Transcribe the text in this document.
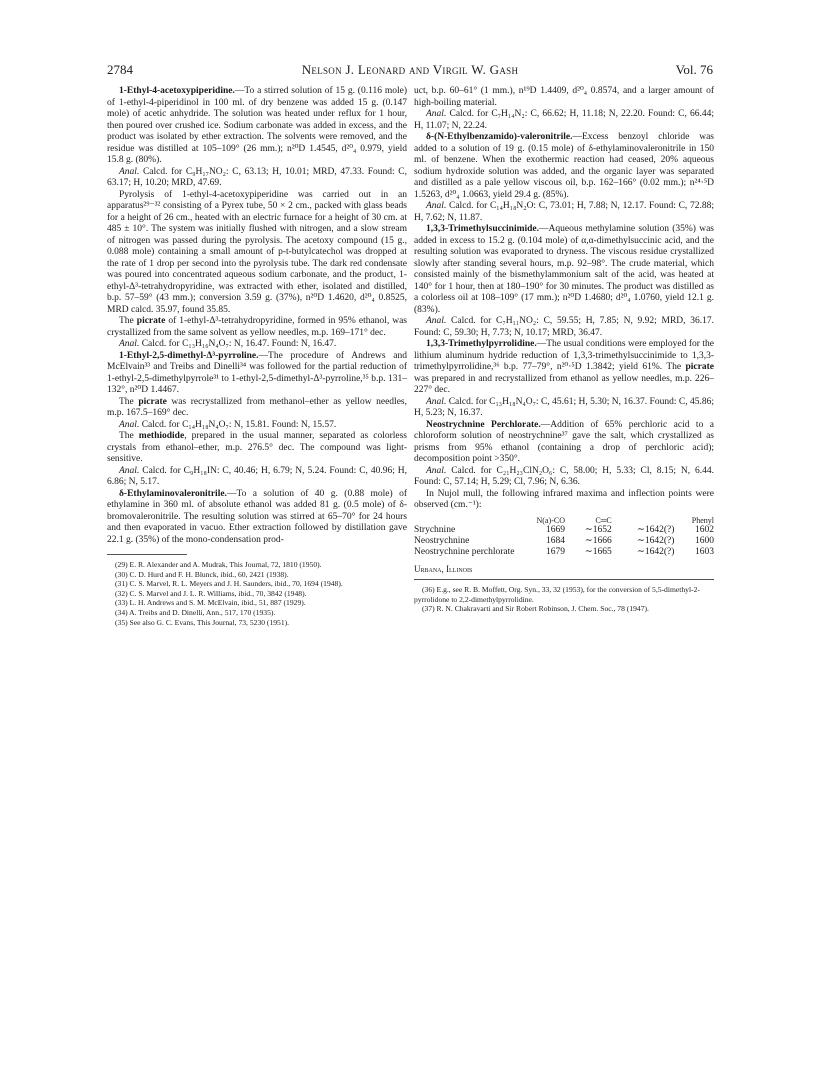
2784	Nelson J. Leonard and Virgil W. Gash	Vol. 76

1-Ethyl-4-acetoxypiperidine.—To a stirred solution of 15 g. (0.116 mole) of 1-ethyl-4-piperidinol in 100 ml. of dry benzene was added 15 g. (0.147 mole) of acetic anhydride. The solution was heated under reflux for 1 hour, then poured over crushed ice. Sodium carbonate was added in excess, and the product was isolated by ether extraction. The solvents were removed, and the residue was distilled at 105–109° (26 mm.); n²⁰D 1.4545, d²⁰₄ 0.979, yield 15.8 g. (80%).

Anal. Calcd. for C₉H₁₇NO₂: C, 63.13; H, 10.01; MRD, 47.33. Found: C, 63.17; H, 10.20; MRD, 47.69.

Pyrolysis of 1-ethyl-4-acetoxypiperidine was carried out in an apparatus²⁹⁻³² consisting of a Pyrex tube, 50 × 2 cm., packed with glass beads for a height of 26 cm., heated with an electric furnace for a height of 30 cm. at 485 ± 10°. The system was initially flushed with nitrogen, and a slow stream of nitrogen was passed during the pyrolysis. The acetoxy compound (15 g., 0.088 mole) containing a small amount of p-t-butylcatechol was dropped at the rate of 1 drop per second into the pyrolysis tube. The dark red condensate was poured into concentrated aqueous sodium carbonate, and the product, 1-ethyl-Δ³-tetrahydropyridine, was extracted with ether, isolated and distilled, b.p. 57–59° (43 mm.); conversion 3.59 g. (37%), n²⁰D 1.4620, d²⁰₄ 0.8525, MRD calcd. 35.97, found 35.85.

The picrate of 1-ethyl-Δ³-tetrahydropyridine, formed in 95% ethanol, was crystallized from the same solvent as yellow needles, m.p. 169–171° dec.

Anal. Calcd. for C₁₃H₁₆N₄O₇: N, 16.47. Found: N, 16.47.

1-Ethyl-2,5-dimethyl-Δ³-pyrroline.—The procedure of Andrews and McElvain³³ and Treibs and Dinelli³⁴ was followed for the partial reduction of 1-ethyl-2,5-dimethylpyrrole³¹ to 1-ethyl-2,5-dimethyl-Δ³-pyrroline,³⁵ b.p. 131–132°, n²⁰D 1.4467.

The picrate was recrystallized from methanol–ether as yellow needles, m.p. 167.5–169° dec.

Anal. Calcd. for C₁₄H₁₈N₄O₇: N, 15.81. Found: N, 15.57.

The methiodide, prepared in the usual manner, separated as colorless crystals from ethanol–ether, m.p. 276.5° dec. The compound was light-sensitive.

Anal. Calcd. for C₉H₁₈IN: C, 40.46; H, 6.79; N, 5.24. Found: C, 40.96; H, 6.86; N, 5.17.

δ-Ethylaminovaleronitrile.—To a solution of 40 g. (0.88 mole) of ethylamine in 360 ml. of absolute ethanol was added 81 g. (0.5 mole) of δ-bromovaleronitrile. The resulting solution was stirred at 65–70° for 24 hours and then evaporated in vacuo. Ether extraction followed by distillation gave 22.1 g. (35%) of the mono-condensation prod-

(29) E. R. Alexander and A. Mudrak, This Journal, 72, 1810 (1950).

(30) C. D. Hurd and F. H. Blunck, ibid., 60, 2421 (1938).

(31) C. S. Marvel, R. L. Meyers and J. H. Saunders, ibid., 70, 1694 (1948).

(32) C. S. Marvel and J. L. R. Williams, ibid., 70, 3842 (1948).

(33) L. H. Andrews and S. M. McElvain, ibid., 51, 887 (1929).

(34) A. Treibs and D. Dinelli, Ann., 517, 170 (1935).

(35) See also G. C. Evans, This Journal, 73, 5230 (1951).

uct, b.p. 60–61° (1 mm.), n¹⁹D 1.4409, d²⁰₄ 0.8574, and a larger amount of high-boiling material.

Anal. Calcd. for C₇H₁₄N₂: C, 66.62; H, 11.18; N, 22.20. Found: C, 66.44; H, 11.07; N, 22.24.

δ-(N-Ethylbenzamido)-valeronitrile.—Excess benzoyl chloride was added to a solution of 19 g. (0.15 mole) of δ-ethylaminovaleronitrile in 150 ml. of benzene. When the exothermic reaction had ceased, 20% aqueous sodium hydroxide solution was added, and the organic layer was separated and distilled as a pale yellow viscous oil, b.p. 162–166° (0.02 mm.); n²⁴·⁵D 1.5263, d²⁰₄ 1.0663, yield 29.4 g. (85%).

Anal. Calcd. for C₁₄H₁₈N₂O: C, 73.01; H, 7.88; N, 12.17. Found: C, 72.88; H, 7.62; N, 11.87.

1,3,3-Trimethylsuccinimide.—Aqueous methylamine solution (35%) was added in excess to 15.2 g. (0.104 mole) of α,α-dimethylsuccinic acid, and the resulting solution was evaporated to dryness. The viscous residue crystallized slowly after standing several hours, m.p. 92–98°. The crude material, which consisted mainly of the bismethylammonium salt of the acid, was heated at 140° for 1 hour, then at 180–190° for 30 minutes. The product was distilled as a colorless oil at 108–109° (17 mm.); n²⁰D 1.4680; d²⁰₄ 1.0760, yield 12.1 g. (83%).

Anal. Calcd. for C₇H₁₁NO₂: C, 59.55; H, 7.85; N, 9.92; MRD, 36.17. Found: C, 59.30; H, 7.73; N, 10.17; MRD, 36.47.

1,3,3-Trimethylpyrrolidine.—The usual conditions were employed for the lithium aluminum hydride reduction of 1,3,3-trimethylsuccinimide to 1,3,3-trimethylpyrrolidine,³⁶ b.p. 77–79°, n²⁰·⁵D 1.3842; yield 61%. The picrate was prepared in and recrystallized from ethanol as yellow needles, m.p. 226–227° dec.

Anal. Calcd. for C₁₃H₁₈N₄O₇: C, 45.61; H, 5.30; N, 16.37. Found: C, 45.86; H, 5.23; N, 16.37.

Neostrychnine Perchlorate.—Addition of 65% perchloric acid to a chloroform solution of neostrychnine³⁷ gave the salt, which crystallized as prisms from 95% ethanol (containing a drop of perchloric acid); decomposition point >350°.

Anal. Calcd. for C₂₁H₂₃ClN₂O₆: C, 58.00; H, 5.33; Cl, 8.15; N, 6.44. Found: C, 57.14; H, 5.29; Cl, 7.96; N, 6.36.

In Nujol mull, the following infrared maxima and inflection points were observed (cm.⁻¹):

	N(a)-CO	C═C		Phenyl
Strychnine	1669	∼1652	∼1642(?)	1602
Neostrychnine	1684	∼1666	∼1642(?)	1600
Neostrychnine perchlorate	1679	∼1665	∼1642(?)	1603

Urbana, Illinois

(36) E.g., see R. B. Moffett, Org. Syn., 33, 32 (1953), for the conversion of 5,5-dimethyl-2-pyrrolidone to 2,2-dimethylpyrrolidine.

(37) R. N. Chakravarti and Sir Robert Robinson, J. Chem. Soc., 78 (1947).
